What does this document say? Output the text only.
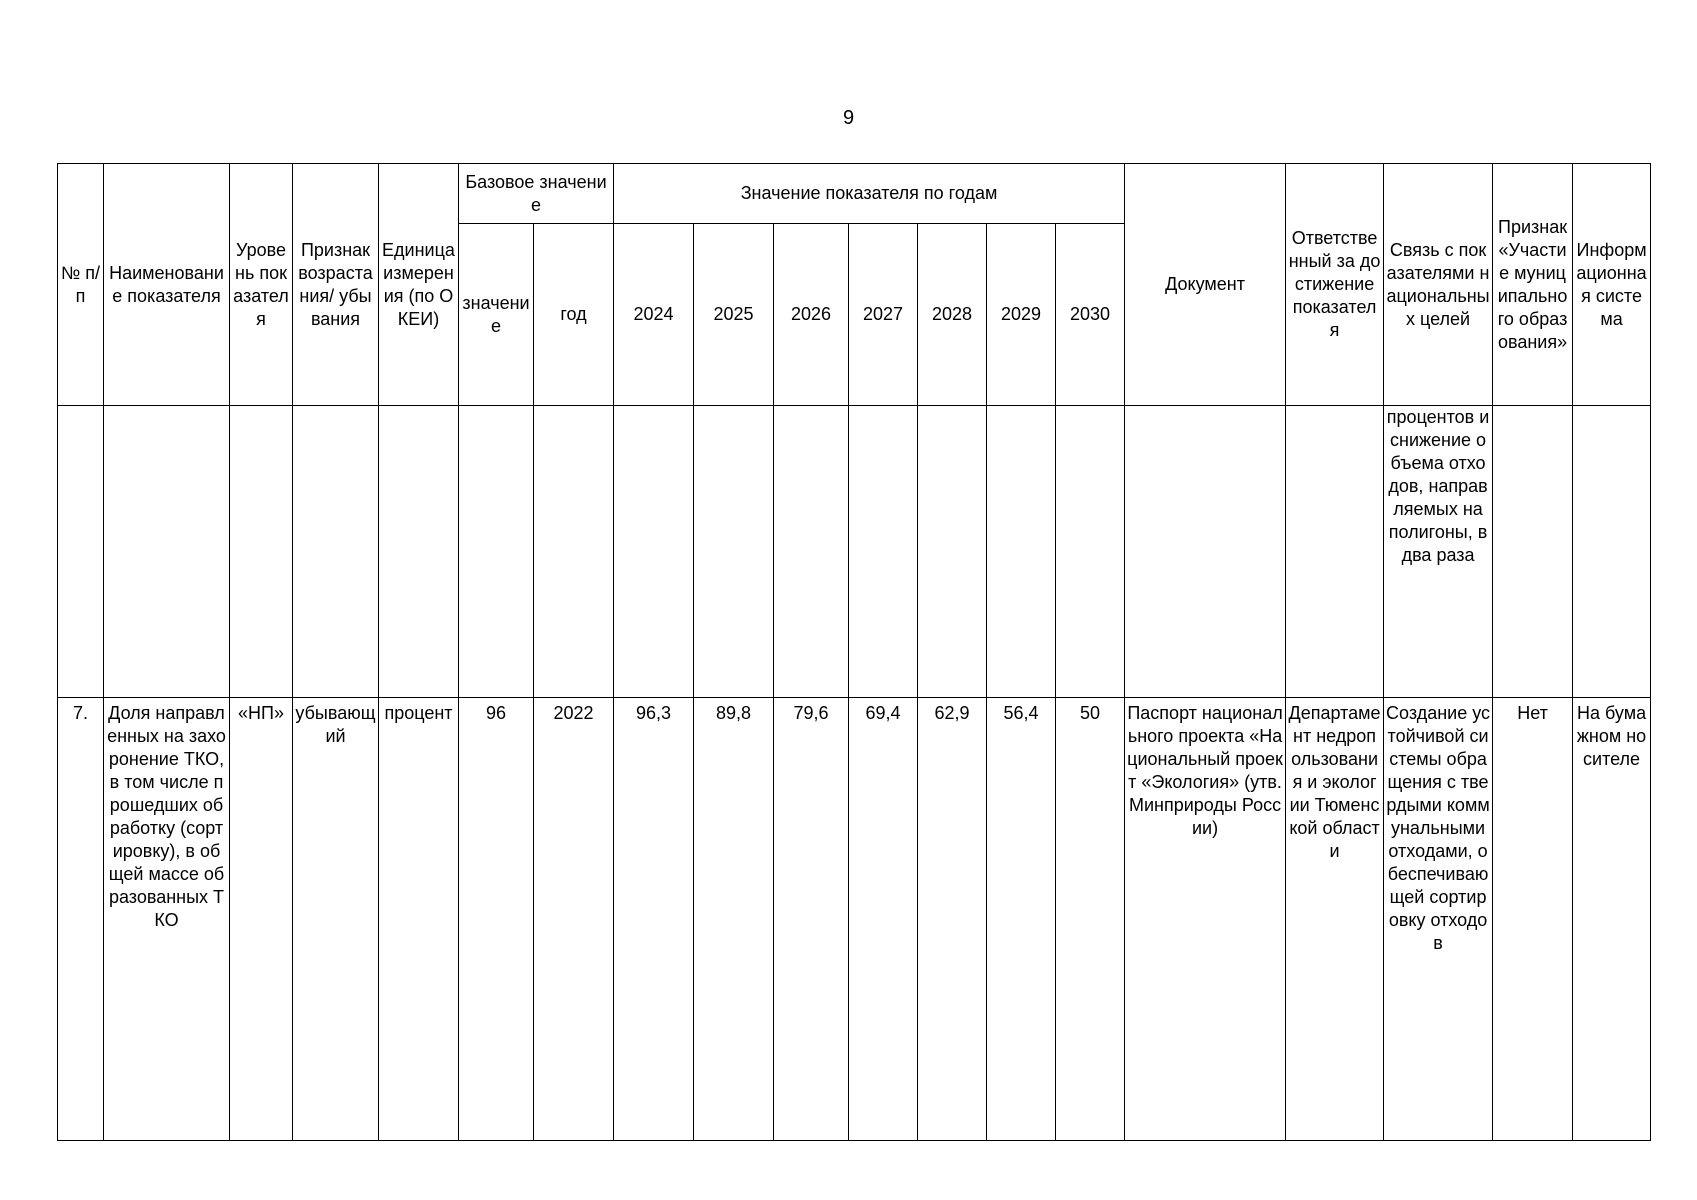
9
№ п/п	Наименование показателя	Уровень показателя	Признак возрастания/ убывания	Единица измерения (по ОКЕИ)	Базовое значение		Значение показателя по годам							Документ	Ответственный за достижение показателя	Связь с показателями национальных целей	Признак «Участие муниципального образования»	Информационная система
					значение	год	2024	2025	2026	2027	2028	2029	2030					
																процентов и снижение объема отходов, направляемых на полигоны, в два раза		
7.	Доля направленных на захоронение ТКО, в том числе прошедших обработку (сортировку), в общей массе образованных ТКО	«НП»	убывающий	процент	96	2022	96,3	89,8	79,6	69,4	62,9	56,4	50	Паспорт национального проекта «Национальный проект «Экология» (утв. Минприроды России)	Департамент недропользования и экологии Тюменской области	Создание устойчивой системы обращения с твердыми коммунальными отходами, обеспечивающей сортировку отходов	Нет	На бумажном носителе
